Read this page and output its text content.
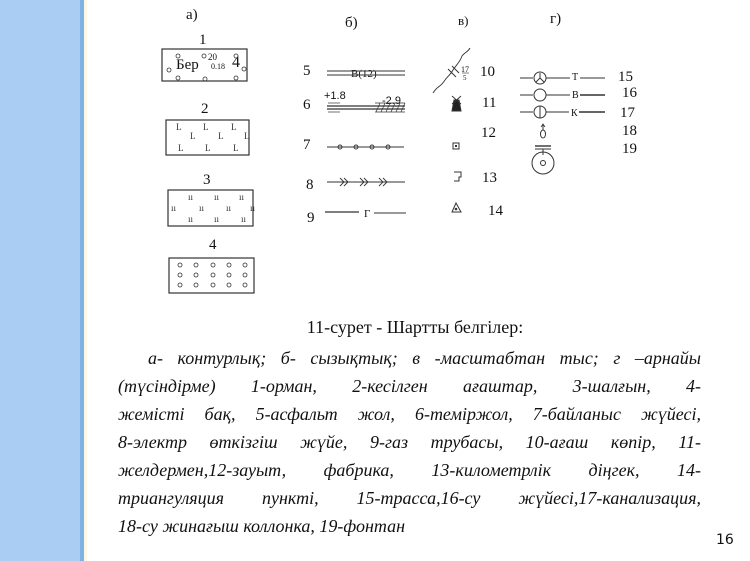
а)	б)	в)	г)
1
2
3
4
Бер 20
0.18 4	5
6
7
8
9
В(12)
+1.8	-2.9
Г
10
11
12
13
14
17
5	15
16
17
18
19
Т
В
К
L L	L
L	L L
L L	L
ıı ıı ıı
ıı	ıı ıı ıı
ıı ıı ıı
11-сурет - Шартты белгілер:
а- контурлық; б- сызықтық; в -масштабтан тыс; г –арнайы
(түсіндірме) 1-орман, 2-кесілген ағаштар, 3-шалғын, 4-
жемісті бақ, 5-асфальт жол, 6-теміржол, 7-байланыс жүйесі,
8-электр өткізгіш жүйе, 9-газ трубасы, 10-ағаш көпір, 11-
желдермен,12-зауыт, фабрика, 13-километрлік діңгек, 14-
триангуляция пункті, 15-трасса,16-су жүйесі,17-канализация,
18-су жинағыш коллонка, 19-фонтан
16
